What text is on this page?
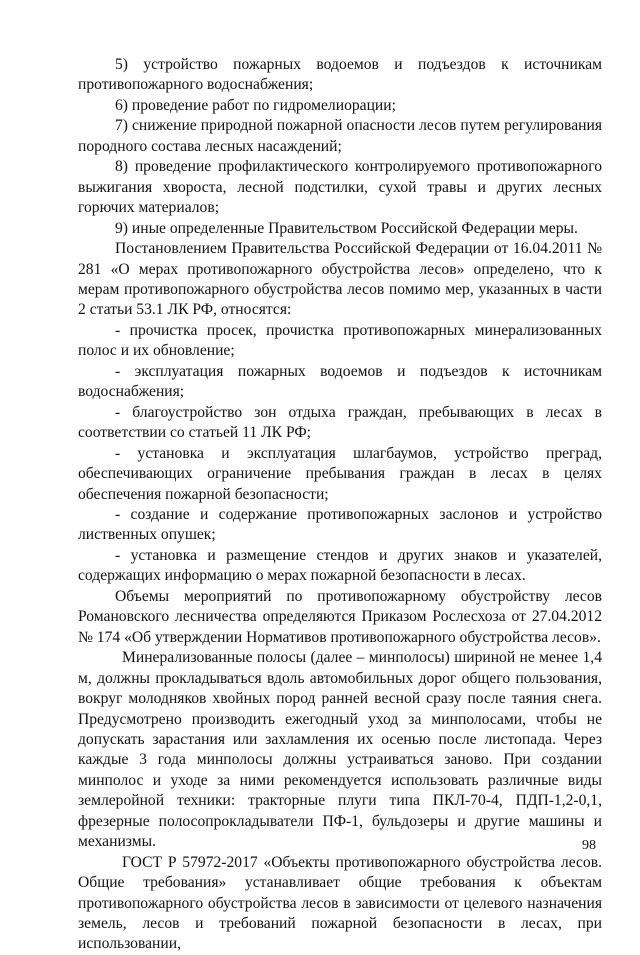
5) устройство пожарных водоемов и подъездов к источникам противопожарного водоснабжения;

6) проведение работ по гидромелиорации;

7) снижение природной пожарной опасности лесов путем регулирования породного состава лесных насаждений;

8) проведение профилактического контролируемого противопожарного выжигания хвороста, лесной подстилки, сухой травы и других лесных горючих материалов;

9) иные определенные Правительством Российской Федерации меры.

Постановлением Правительства Российской Федерации от 16.04.2011 № 281 «О мерах противопожарного обустройства лесов» определено, что к мерам противопожарного обустройства лесов помимо мер, указанных в части 2 статьи 53.1 ЛК РФ, относятся:

- прочистка просек, прочистка противопожарных минерализованных полос и их обновление;

- эксплуатация пожарных водоемов и подъездов к источникам водоснабжения;

- благоустройство зон отдыха граждан, пребывающих в лесах в соответствии со статьей 11 ЛК РФ;

- установка и эксплуатация шлагбаумов, устройство преград, обеспечивающих ограничение пребывания граждан в лесах в целях обеспечения пожарной безопасности;

- создание и содержание противопожарных заслонов и устройство лиственных опушек;

- установка и размещение стендов и других знаков и указателей, содержащих информацию о мерах пожарной безопасности в лесах.

Объемы мероприятий по противопожарному обустройству лесов Романовского лесничества определяются Приказом Рослесхоза от 27.04.2012 № 174 «Об утверждении Нормативов противопожарного обустройства лесов».

Минерализованные полосы (далее – минполосы) шириной не менее 1,4 м, должны прокладываться вдоль автомобильных дорог общего пользования, вокруг молодняков хвойных пород ранней весной сразу после таяния снега. Предусмотрено производить ежегодный уход за минполосами, чтобы не допускать зарастания или захламления их осенью после листопада. Через каждые 3 года минполосы должны устраиваться заново. При создании минполос и уходе за ними рекомендуется использовать различные виды землеройной техники: тракторные плуги типа ПКЛ-70-4, ПДП-1,2-0,1, фрезерные полосопрокладыватели ПФ-1, бульдозеры и другие машины и механизмы.

ГОСТ Р 57972-2017 «Объекты противопожарного обустройства лесов. Общие требования» устанавливает общие требования к объектам противопожарного обустройства лесов в зависимости от целевого назначения земель, лесов и требований пожарной безопасности в лесах, при использовании,

98
